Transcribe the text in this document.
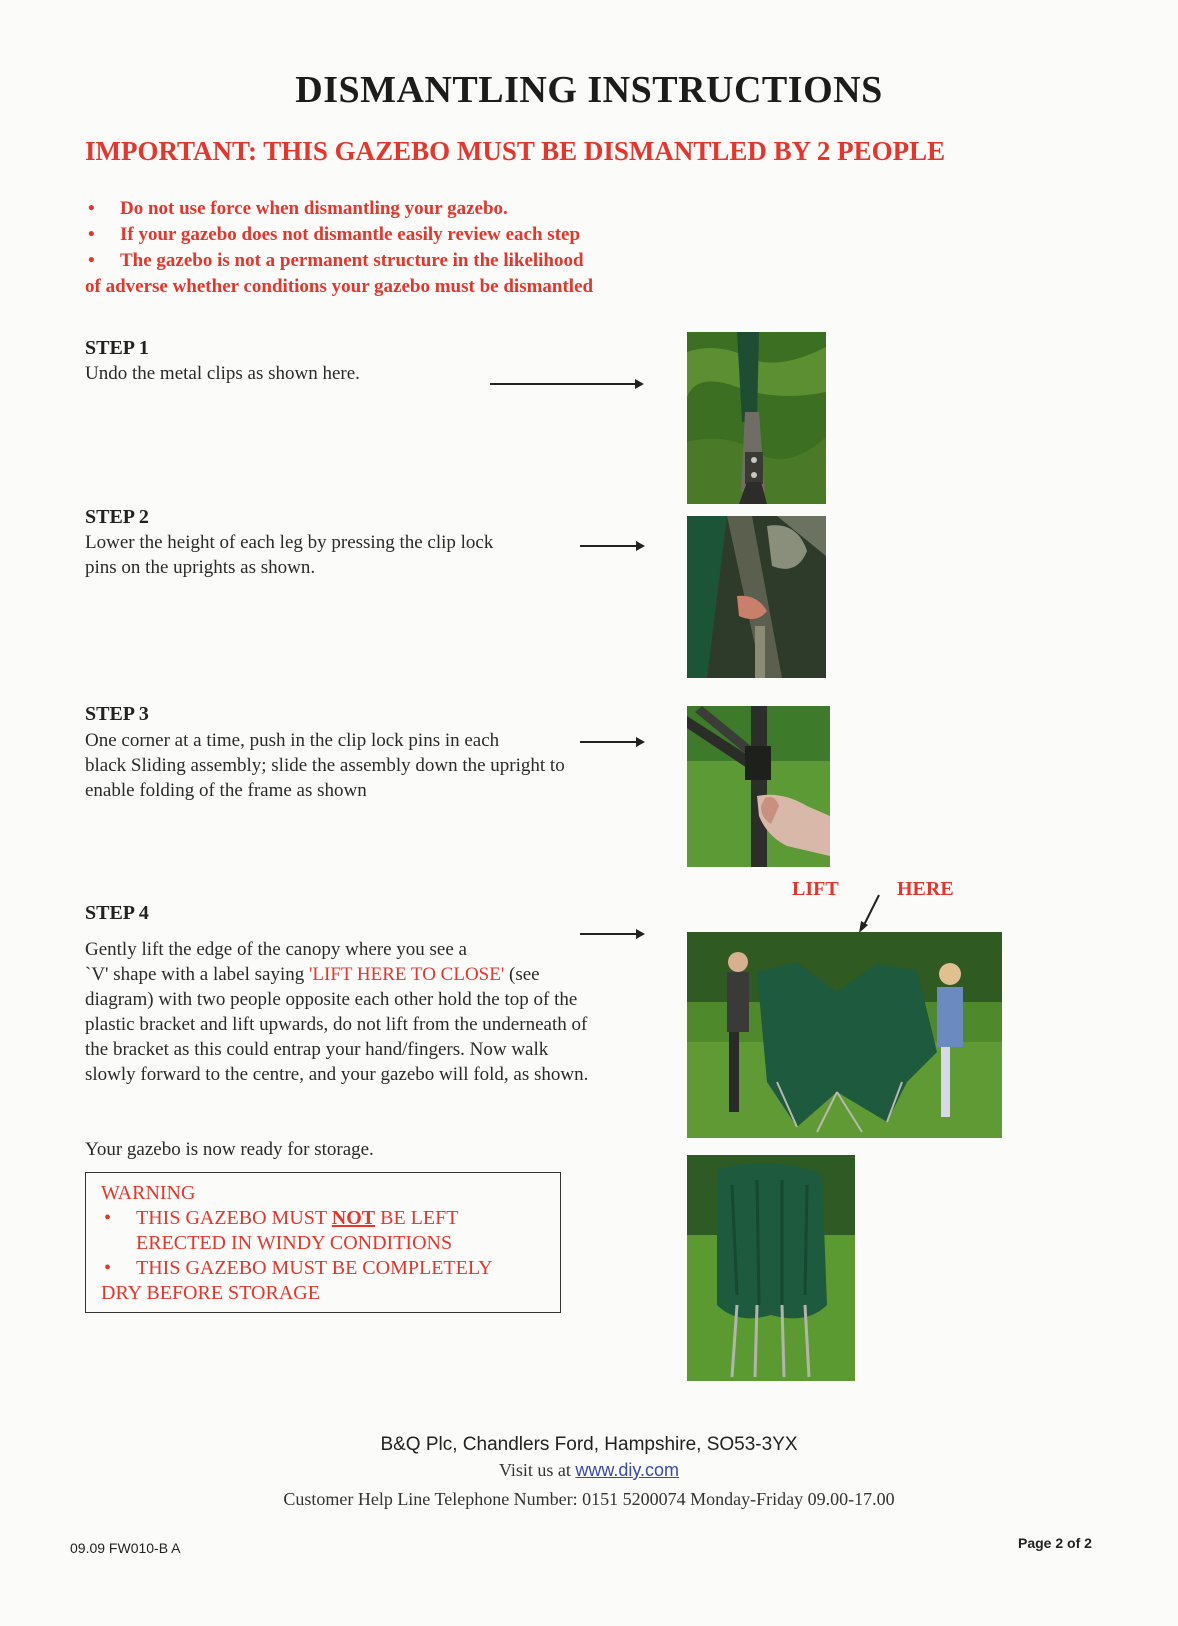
DISMANTLING INSTRUCTIONS
IMPORTANT: THIS GAZEBO MUST BE DISMANTLED BY 2 PEOPLE
• Do not use force when dismantling your gazebo.
• If your gazebo does not dismantle easily review each step
• The gazebo is not a permanent structure in the likelihood
of adverse whether conditions your gazebo must be dismantled
STEP 1
Undo the metal clips as shown here.
STEP 2
Lower the height of each leg by pressing the clip lock
pins on the uprights as shown.
STEP 3
One corner at a time, push in the clip lock pins in each
black Sliding assembly; slide the assembly down the upright to
enable folding of the frame as shown
LIFT	HERE
STEP 4
Gently lift the edge of the canopy where you see a
`V' shape with a label saying 'LIFT HERE TO CLOSE' (see
diagram) with two people opposite each other hold the top of the
plastic bracket and lift upwards, do not lift from the underneath of
the bracket as this could entrap your hand/fingers. Now walk
slowly forward to the centre, and your gazebo will fold, as shown.
Your gazebo is now ready for storage.
WARNING
• THIS GAZEBO MUST NOT BE LEFT
ERECTED IN WINDY CONDITIONS
• THIS GAZEBO MUST BE COMPLETELY
DRY BEFORE STORAGE
B&Q Plc, Chandlers Ford, Hampshire, SO53-3YX
Visit us at www.diy.com
Customer Help Line Telephone Number: 0151 5200074 Monday-Friday 09.00-17.00
09.09 FW010-B A	Page 2 of 2
